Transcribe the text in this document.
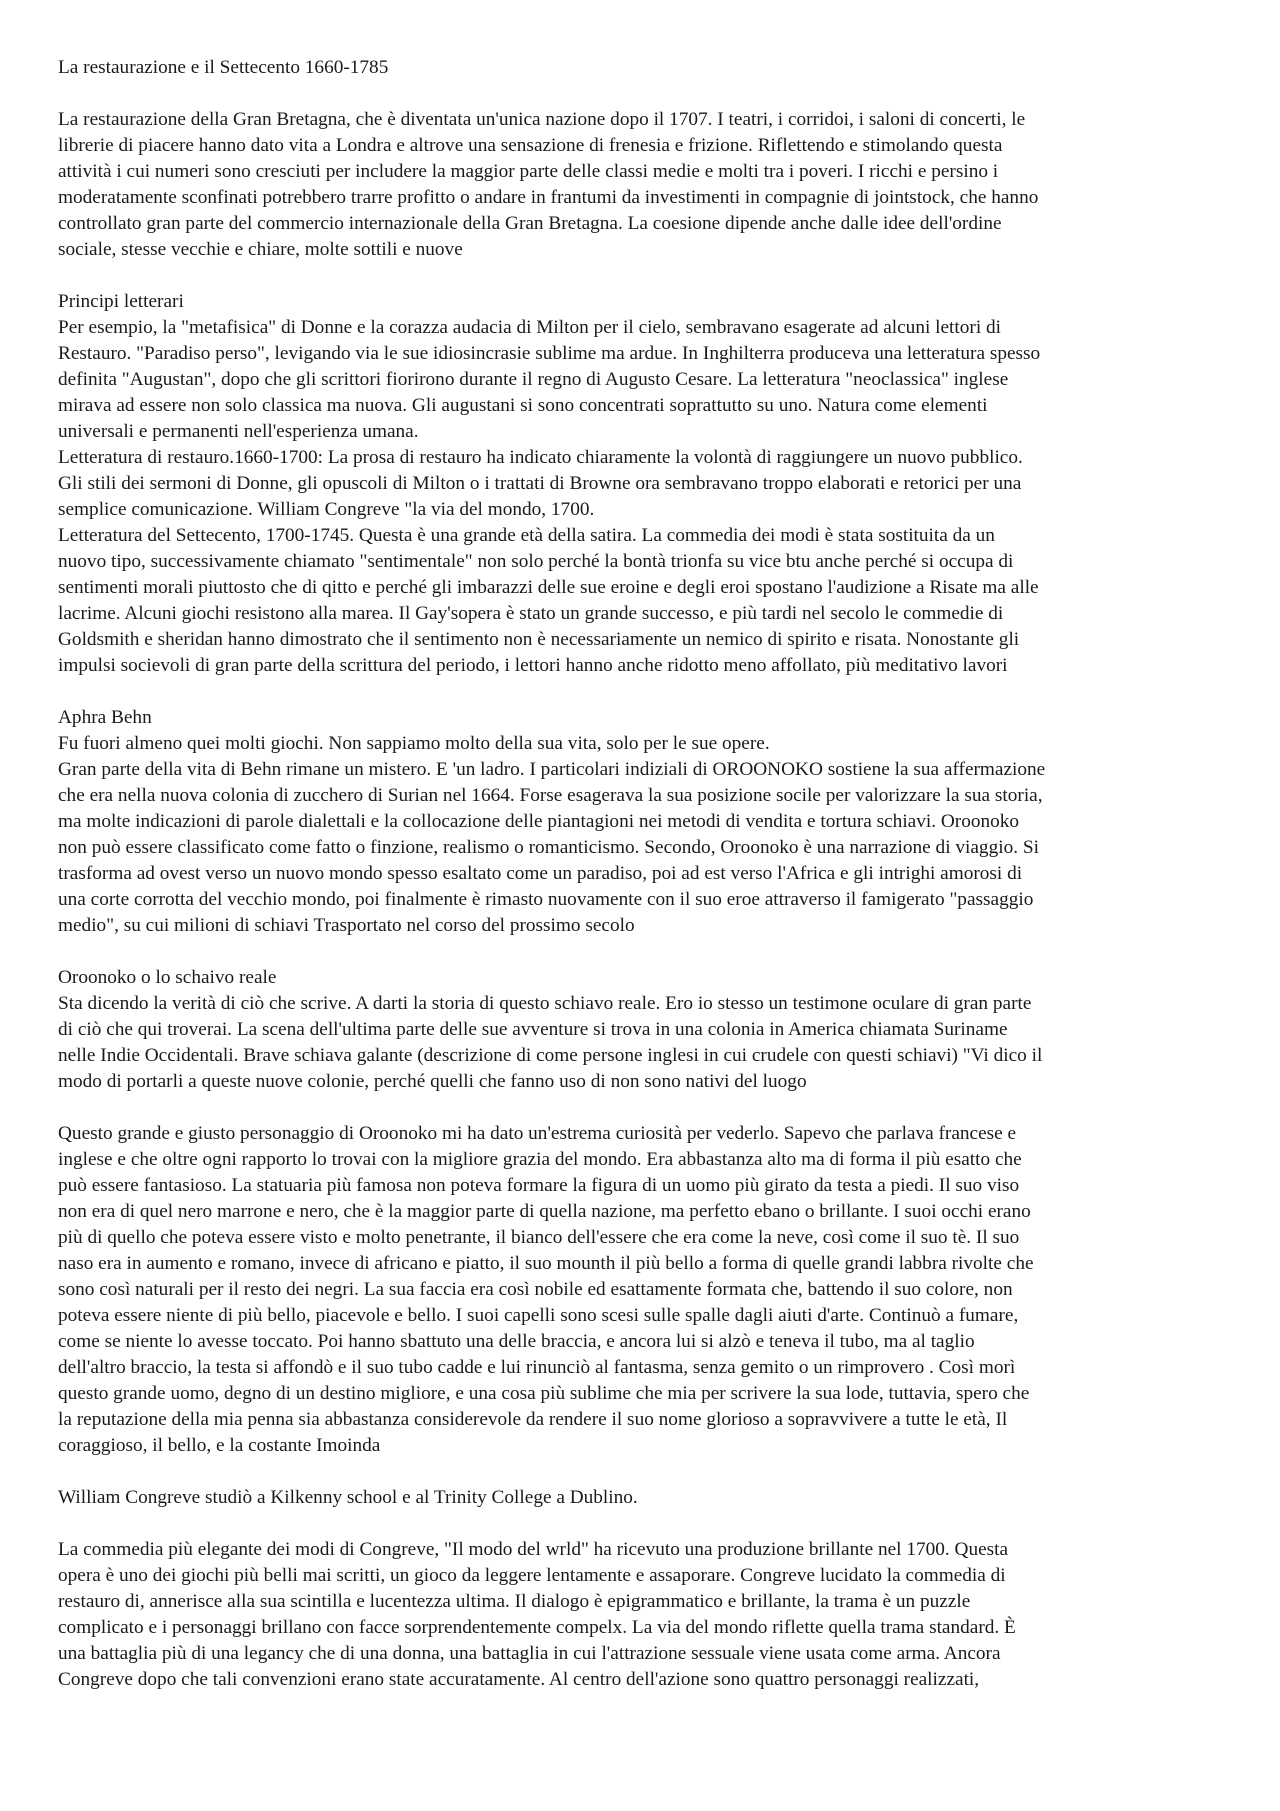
La restaurazione e il Settecento 1660-1785
La restaurazione della Gran Bretagna, che è diventata un'unica nazione dopo il 1707. I teatri, i corridoi, i saloni di concerti, le
librerie di piacere hanno dato vita a Londra e altrove una sensazione di frenesia e frizione. Riflettendo e stimolando questa
attività i cui numeri sono cresciuti per includere la maggior parte delle classi medie e molti tra i poveri. I ricchi e persino i
moderatamente sconfinati potrebbero trarre profitto o andare in frantumi da investimenti in compagnie di jointstock, che hanno
controllato gran parte del commercio internazionale della Gran Bretagna. La coesione dipende anche dalle idee dell'ordine
sociale, stesse vecchie e chiare, molte sottili e nuove
Principi letterari
Per esempio, la "metafisica" di Donne e la corazza audacia di Milton per il cielo, sembravano esagerate ad alcuni lettori di
Restauro. "Paradiso perso", levigando via le sue idiosincrasie sublime ma ardue. In Inghilterra produceva una letteratura spesso
definita "Augustan", dopo che gli scrittori fiorirono durante il regno di Augusto Cesare. La letteratura "neoclassica" inglese
mirava ad essere non solo classica ma nuova. Gli augustani si sono concentrati soprattutto su uno. Natura come elementi
universali e permanenti nell'esperienza umana.
Letteratura di restauro.1660-1700: La prosa di restauro ha indicato chiaramente la volontà di raggiungere un nuovo pubblico.
Gli stili dei sermoni di Donne, gli opuscoli di Milton o i trattati di Browne ora sembravano troppo elaborati e retorici per una
semplice comunicazione. William Congreve "la via del mondo, 1700.
Letteratura del Settecento, 1700-1745. Questa è una grande età della satira. La commedia dei modi è stata sostituita da un
nuovo tipo, successivamente chiamato "sentimentale" non solo perché la bontà trionfa su vice btu anche perché si occupa di
sentimenti morali piuttosto che di qitto e perché gli imbarazzi delle sue eroine e degli eroi spostano l'audizione a Risate ma alle
lacrime. Alcuni giochi resistono alla marea. Il Gay'sopera è stato un grande successo, e più tardi nel secolo le commedie di
Goldsmith e sheridan hanno dimostrato che il sentimento non è necessariamente un nemico di spirito e risata. Nonostante gli
impulsi socievoli di gran parte della scrittura del periodo, i lettori hanno anche ridotto meno affollato, più meditativo lavori
Aphra Behn
Fu fuori almeno quei molti giochi. Non sappiamo molto della sua vita, solo per le sue opere.
Gran parte della vita di Behn rimane un mistero. E 'un ladro. I particolari indiziali di OROONOKO sostiene la sua affermazione
che era nella nuova colonia di zucchero di Surian nel 1664. Forse esagerava la sua posizione socile per valorizzare la sua storia,
ma molte indicazioni di parole dialettali e la collocazione delle piantagioni nei metodi di vendita e tortura schiavi. Oroonoko
non può essere classificato come fatto o finzione, realismo o romanticismo. Secondo, Oroonoko è una narrazione di viaggio. Si
trasforma ad ovest verso un nuovo mondo spesso esaltato come un paradiso, poi ad est verso l'Africa e gli intrighi amorosi di
una corte corrotta del vecchio mondo, poi finalmente è rimasto nuovamente con il suo eroe attraverso il famigerato "passaggio
medio", su cui milioni di schiavi Trasportato nel corso del prossimo secolo
Oroonoko o lo schaivo reale
Sta dicendo la verità di ciò che scrive. A darti la storia di questo schiavo reale. Ero io stesso un testimone oculare di gran parte
di ciò che qui troverai. La scena dell'ultima parte delle sue avventure si trova in una colonia in America chiamata Suriname
nelle Indie Occidentali. Brave schiava galante (descrizione di come persone inglesi in cui crudele con questi schiavi) "Vi dico il
modo di portarli a queste nuove colonie, perché quelli che fanno uso di non sono nativi del luogo
Questo grande e giusto personaggio di Oroonoko mi ha dato un'estrema curiosità per vederlo. Sapevo che parlava francese e
inglese e che oltre ogni rapporto lo trovai con la migliore grazia del mondo. Era abbastanza alto ma di forma il più esatto che
può essere fantasioso. La statuaria più famosa non poteva formare la figura di un uomo più girato da testa a piedi. Il suo viso
non era di quel nero marrone e nero, che è la maggior parte di quella nazione, ma perfetto ebano o brillante. I suoi occhi erano
più di quello che poteva essere visto e molto penetrante, il bianco dell'essere che era come la neve, così come il suo tè. Il suo
naso era in aumento e romano, invece di africano e piatto, il suo mounth il più bello a forma di quelle grandi labbra rivolte che
sono così naturali per il resto dei negri. La sua faccia era così nobile ed esattamente formata che, battendo il suo colore, non
poteva essere niente di più bello, piacevole e bello. I suoi capelli sono scesi sulle spalle dagli aiuti d'arte. Continuò a fumare,
come se niente lo avesse toccato. Poi hanno sbattuto una delle braccia, e ancora lui si alzò e teneva il tubo, ma al taglio
dell'altro braccio, la testa si affondò e il suo tubo cadde e lui rinunciò al fantasma, senza gemito o un rimprovero . Così morì
questo grande uomo, degno di un destino migliore, e una cosa più sublime che mia per scrivere la sua lode, tuttavia, spero che
la reputazione della mia penna sia abbastanza considerevole da rendere il suo nome glorioso a sopravvivere a tutte le età, Il
coraggioso, il bello, e la costante Imoinda
William Congreve studiò a Kilkenny school e al Trinity College a Dublino.
La commedia più elegante dei modi di Congreve, "Il modo del wrld" ha ricevuto una produzione brillante nel 1700. Questa
opera è uno dei giochi più belli mai scritti, un gioco da leggere lentamente e assaporare. Congreve lucidato la commedia di
restauro di, annerisce alla sua scintilla e lucentezza ultima. Il dialogo è epigrammatico e brillante, la trama è un puzzle
complicato e i personaggi brillano con facce sorprendentemente compelx. La via del mondo riflette quella trama standard. È
una battaglia più di una legancy che di una donna, una battaglia in cui l'attrazione sessuale viene usata come arma. Ancora
Congreve dopo che tali convenzioni erano state accuratamente. Al centro dell'azione sono quattro personaggi realizzati,
